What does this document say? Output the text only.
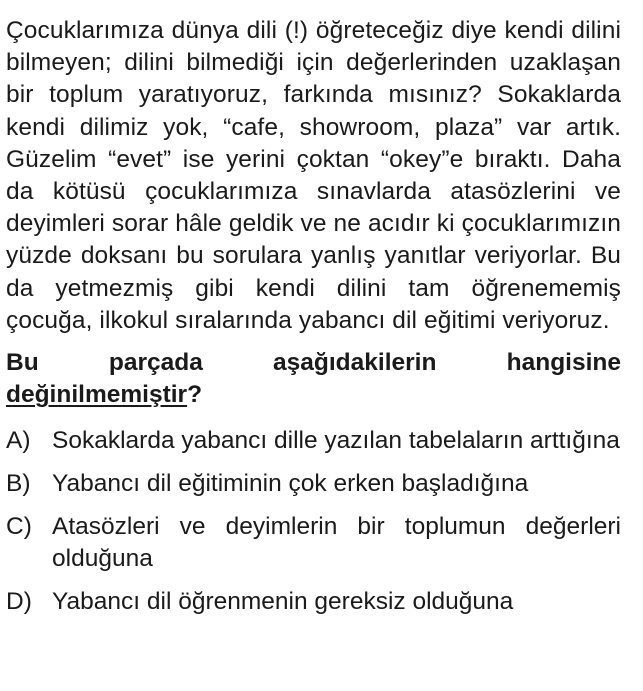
Çocuklarımıza dünya dili (!) öğreteceğiz diye kendi dilini bilmeyen; dilini bilmediği için değerlerinden uzaklaşan bir toplum yaratıyoruz, farkında mısınız? Sokaklarda kendi dilimiz yok, “cafe, showroom, plaza” var artık. Güzelim “evet” ise yerini çoktan “okey”e bıraktı. Daha da kötüsü çocuklarımıza sınavlarda atasözlerini ve deyimleri sorar hâle geldik ve ne acıdır ki çocuklarımızın yüzde doksanı bu sorulara yanlış yanıtlar veriyorlar. Bu da yetmezmiş gibi kendi dilini tam öğrenememiş çocuğa, ilkokul sıralarında yabancı dil eğitimi veriyoruz.

Bu parçada aşağıdakilerin hangisine değinilmemiştir?

A) Sokaklarda yabancı dille yazılan tabelaların arttığına
B) Yabancı dil eğitiminin çok erken başladığına
C) Atasözleri ve deyimlerin bir toplumun değerleri olduğuna
D) Yabancı dil öğrenmenin gereksiz olduğuna
